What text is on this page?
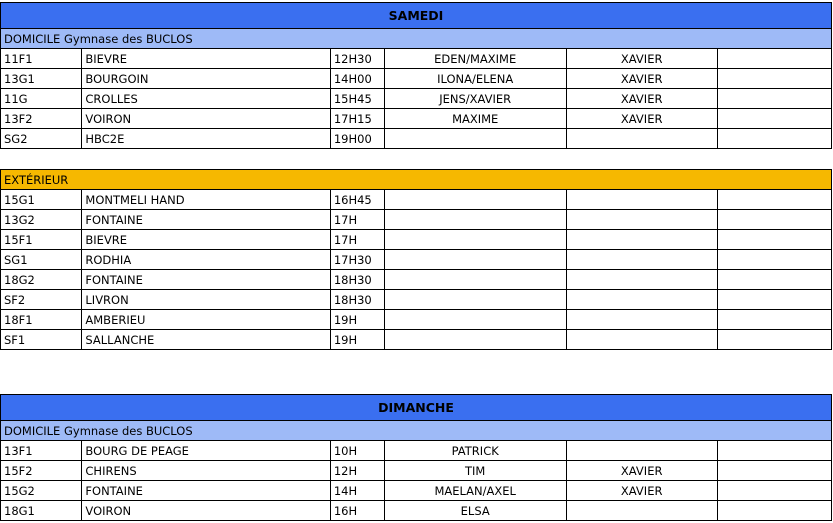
SAMEDI					
DOMICILE Gymnase des BUCLOS					
11F1	BIEVRE	12H30	EDEN/MAXIME	XAVIER	
13G1	BOURGOIN	14H00	ILONA/ELENA	XAVIER	
11G	CROLLES	15H45	JENS/XAVIER	XAVIER	
13F2	VOIRON	17H15	MAXIME	XAVIER	
SG2	HBC2E	19H00			
EXTÉRIEUR					
15G1	MONTMELI HAND	16H45			
13G2	FONTAINE	17H			
15F1	BIEVRE	17H			
SG1	RODHIA	17H30			
18G2	FONTAINE	18H30			
SF2	LIVRON	18H30			
18F1	AMBERIEU	19H			
SF1	SALLANCHE	19H			
DIMANCHE					
DOMICILE Gymnase des BUCLOS					
13F1	BOURG DE PEAGE	10H	PATRICK		
15F2	CHIRENS	12H	TIM	XAVIER	
15G2	FONTAINE	14H	MAELAN/AXEL	XAVIER	
18G1	VOIRON	16H	ELSA		
